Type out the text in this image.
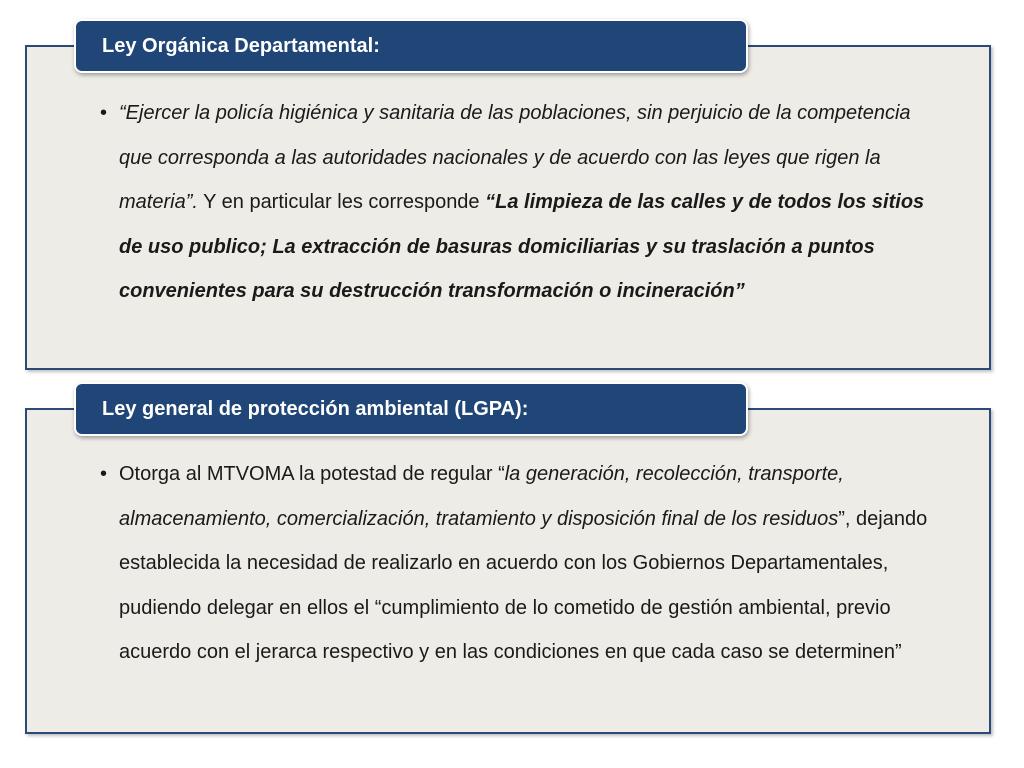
Ley Orgánica Departamental:
• “Ejercer la policía higiénica y sanitaria de las poblaciones, sin perjuicio de la competencia que corresponda a las autoridades nacionales y de acuerdo con las leyes que rigen la materia”. Y en particular les corresponde “La limpieza de las calles y de todos los sitios de uso publico; La extracción de basuras domiciliarias y su traslación a puntos convenientes para su destrucción transformación o incineración”
Ley general de protección ambiental (LGPA):
• Otorga al MTVOMA la potestad de regular “la generación, recolección, transporte, almacenamiento, comercialización, tratamiento y disposición final de los residuos”, dejando establecida la necesidad de realizarlo en acuerdo con los Gobiernos Departamentales, pudiendo delegar en ellos el “cumplimiento de lo cometido de gestión ambiental, previo acuerdo con el jerarca respectivo y en las condiciones en que cada caso se determinen”
